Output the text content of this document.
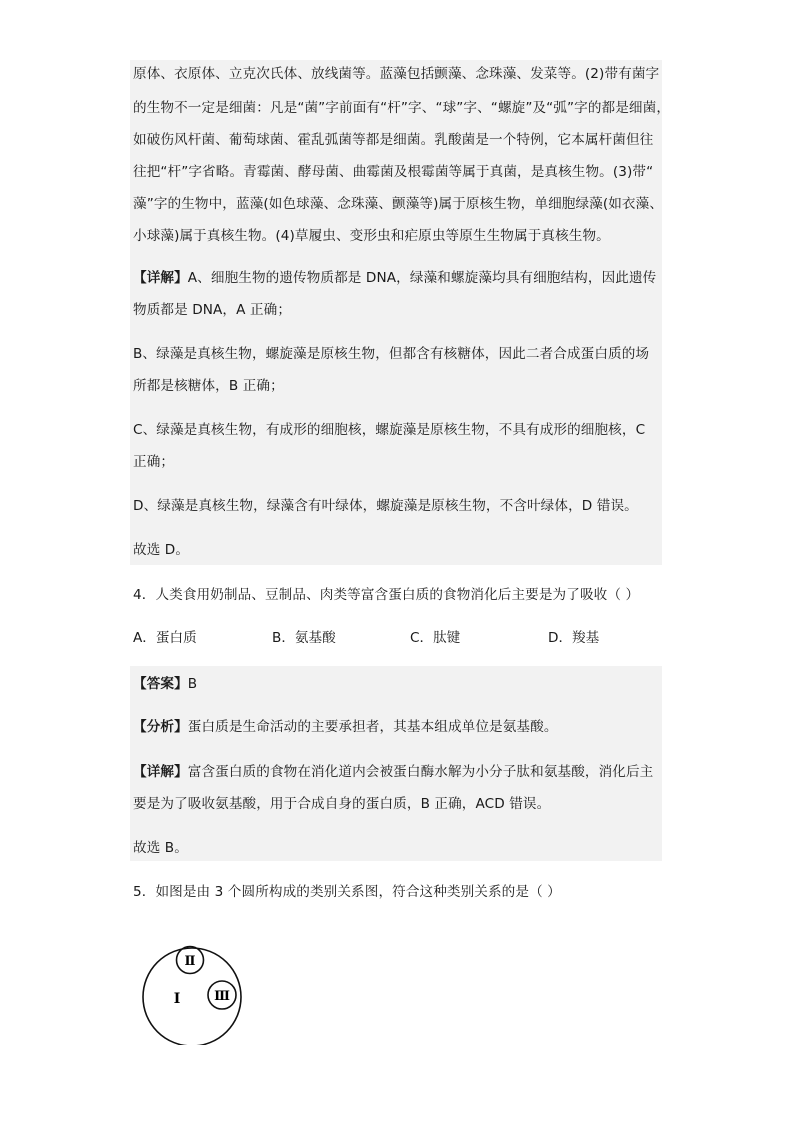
原体、衣原体、立克次氏体、放线菌等。蓝藻包括颤藻、念珠藻、发菜等。(2)带有菌字
的生物不一定是细菌：凡是“菌”字前面有“杆”字、“球”字、“螺旋”及“弧”字的都是细菌，
如破伤风杆菌、葡萄球菌、霍乱弧菌等都是细菌。乳酸菌是一个特例，它本属杆菌但往
往把“杆”字省略。青霉菌、酵母菌、曲霉菌及根霉菌等属于真菌，是真核生物。(3)带“
藻”字的生物中，蓝藻(如色球藻、念珠藻、颤藻等)属于原核生物，单细胞绿藻(如衣藻、
小球藻)属于真核生物。(4)草履虫、变形虫和疟原虫等原生生物属于真核生物。
【详解】A、细胞生物的遗传物质都是 DNA，绿藻和螺旋藻均具有细胞结构，因此遗传
物质都是 DNA，A 正确；
B、绿藻是真核生物，螺旋藻是原核生物，但都含有核糖体，因此二者合成蛋白质的场
所都是核糖体，B 正确；
C、绿藻是真核生物，有成形的细胞核，螺旋藻是原核生物，不具有成形的细胞核，C
正确；
D、绿藻是真核生物，绿藻含有叶绿体，螺旋藻是原核生物，不含叶绿体，D 错误。
故选 D。
4．人类食用奶制品、豆制品、肉类等富含蛋白质的食物消化后主要是为了吸收（ ）
A．蛋白质	B．氨基酸	C．肽键	D．羧基
【答案】B
【分析】蛋白质是生命活动的主要承担者，其基本组成单位是氨基酸。
【详解】富含蛋白质的食物在消化道内会被蛋白酶水解为小分子肽和氨基酸，消化后主
要是为了吸收氨基酸，用于合成自身的蛋白质，B 正确，ACD 错误。
故选 B。
5．如图是由 3 个圆所构成的类别关系图，符合这种类别关系的是（ ）
Ⅱ
Ⅲ
Ⅰ
